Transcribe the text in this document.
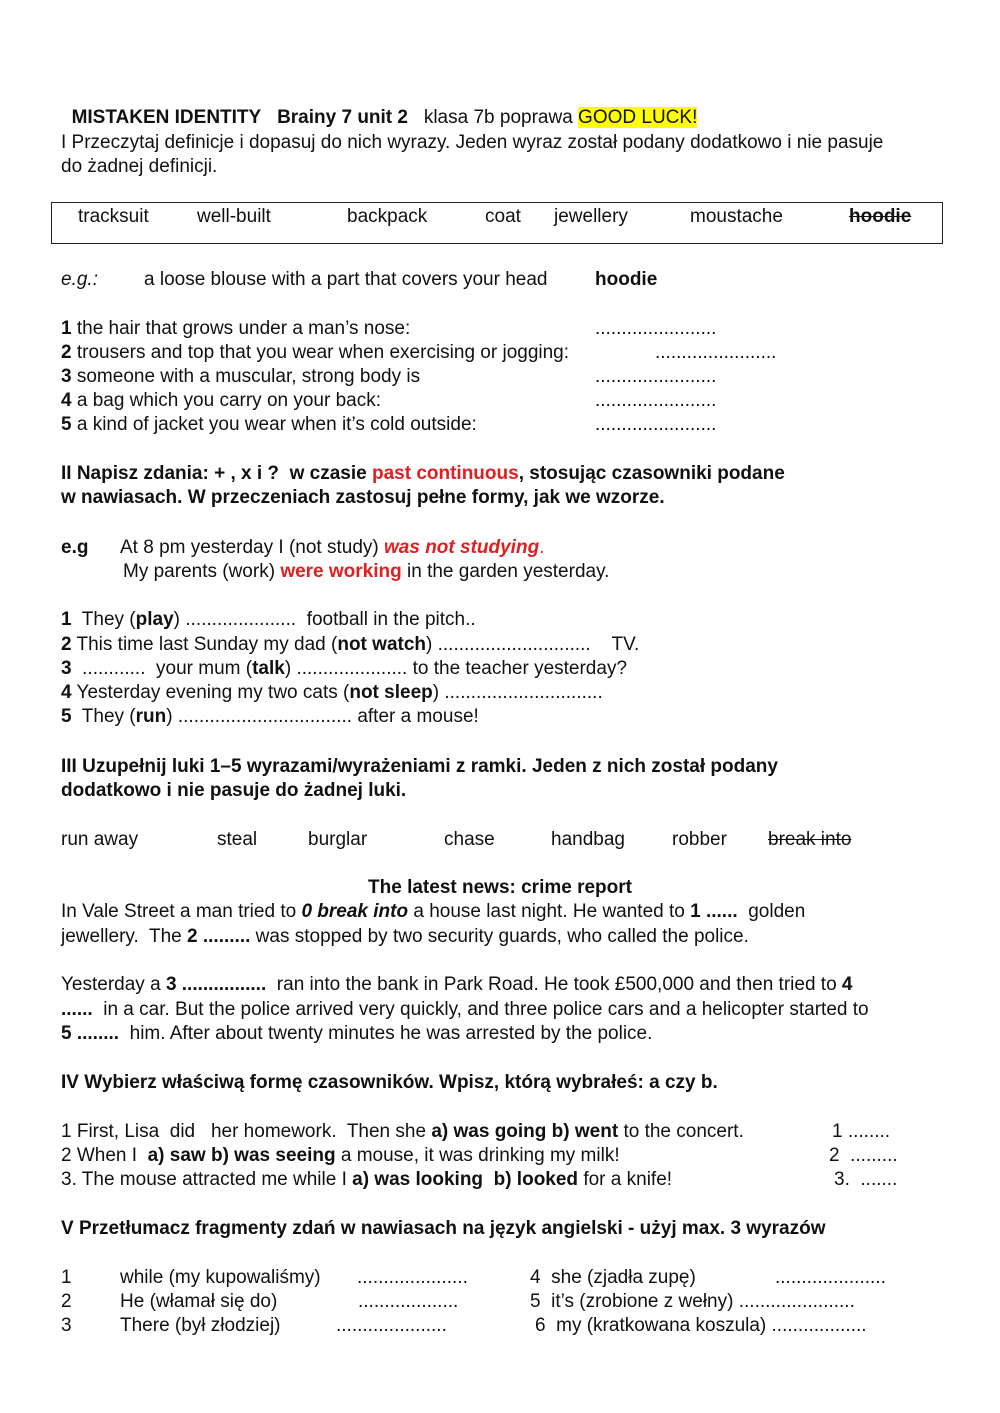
MISTAKEN IDENTITY Brainy 7 unit 2 klasa 7b poprawa GOOD LUCK!

I Przeczytaj definicje i dopasuj do nich wyrazy. Jeden wyraz został podany dodatkowo i nie pasuje
do żadnej definicji.
tracksuit	well-built	backpack	coat jewellery	moustache	hoodie
e.g.: a loose blouse with a part that covers your head	hoodie
1 the hair that grows under a man’s nose:	.......................
2 trousers and top that you wear when exercising or jogging:	.......................
3 someone with a muscular, strong body is	.......................
4 a bag which you carry on your back:	.......................
5 a kind of jacket you wear when it’s cold outside:	.......................
II Napisz zdania: + , x i ?  w czasie past continuous, stosując czasowniki podane
w nawiasach. W przeczeniach zastosuj pełne formy, jak we wzorze.
e.g At 8 pm yesterday I (not study) was not studying.
My parents (work) were working in the garden yesterday.
1  They (play) .....................  football in the pitch..
2 This time last Sunday my dad (not watch) .............................    TV.
3  ............  your mum (talk) ..................... to the teacher yesterday?
4 Yesterday evening my two cats (not sleep) ..............................
5  They (run) ................................. after a mouse!
III Uzupełnij luki 1–5 wyrazami/wyrażeniami z ramki. Jeden z nich został podany
dodatkowo i nie pasuje do żadnej luki.
run away	steal	burglar	chase	handbag robber break into
The latest news: crime report
In Vale Street a man tried to 0 break into a house last night. He wanted to 1 ......  golden
jewellery.  The 2 ......... was stopped by two security guards, who called the police.
Yesterday a 3 ................  ran into the bank in Park Road. He took £500,000 and then tried to 4
......  in a car. But the police arrived very quickly, and three police cars and a helicopter started to
5 ........  him. After about twenty minutes he was arrested by the police.
IV Wybierz właściwą formę czasowników. Wpisz, którą wybrałeś: a czy b.
1 First, Lisa  did   her homework.  Then she a) was going b) went to the concert.	1 ........
2 When I  a) saw b) was seeing a mouse, it was drinking my milk!	2  .........
3. The mouse attracted me while I a) was looking  b) looked for a knife!	3.  .......
V Przetłumacz fragmenty zdań w nawiasach na język angielski - użyj max. 3 wyrazów
1	while (my kupowaliśmy) .....................	4  she (zjadła zupę)	.....................
2	He (włamał się do)	...................	5  it’s (zrobione z wełny) ......................
3	There (był złodziej)	.....................	6  my (kratkowana koszula) ..................
